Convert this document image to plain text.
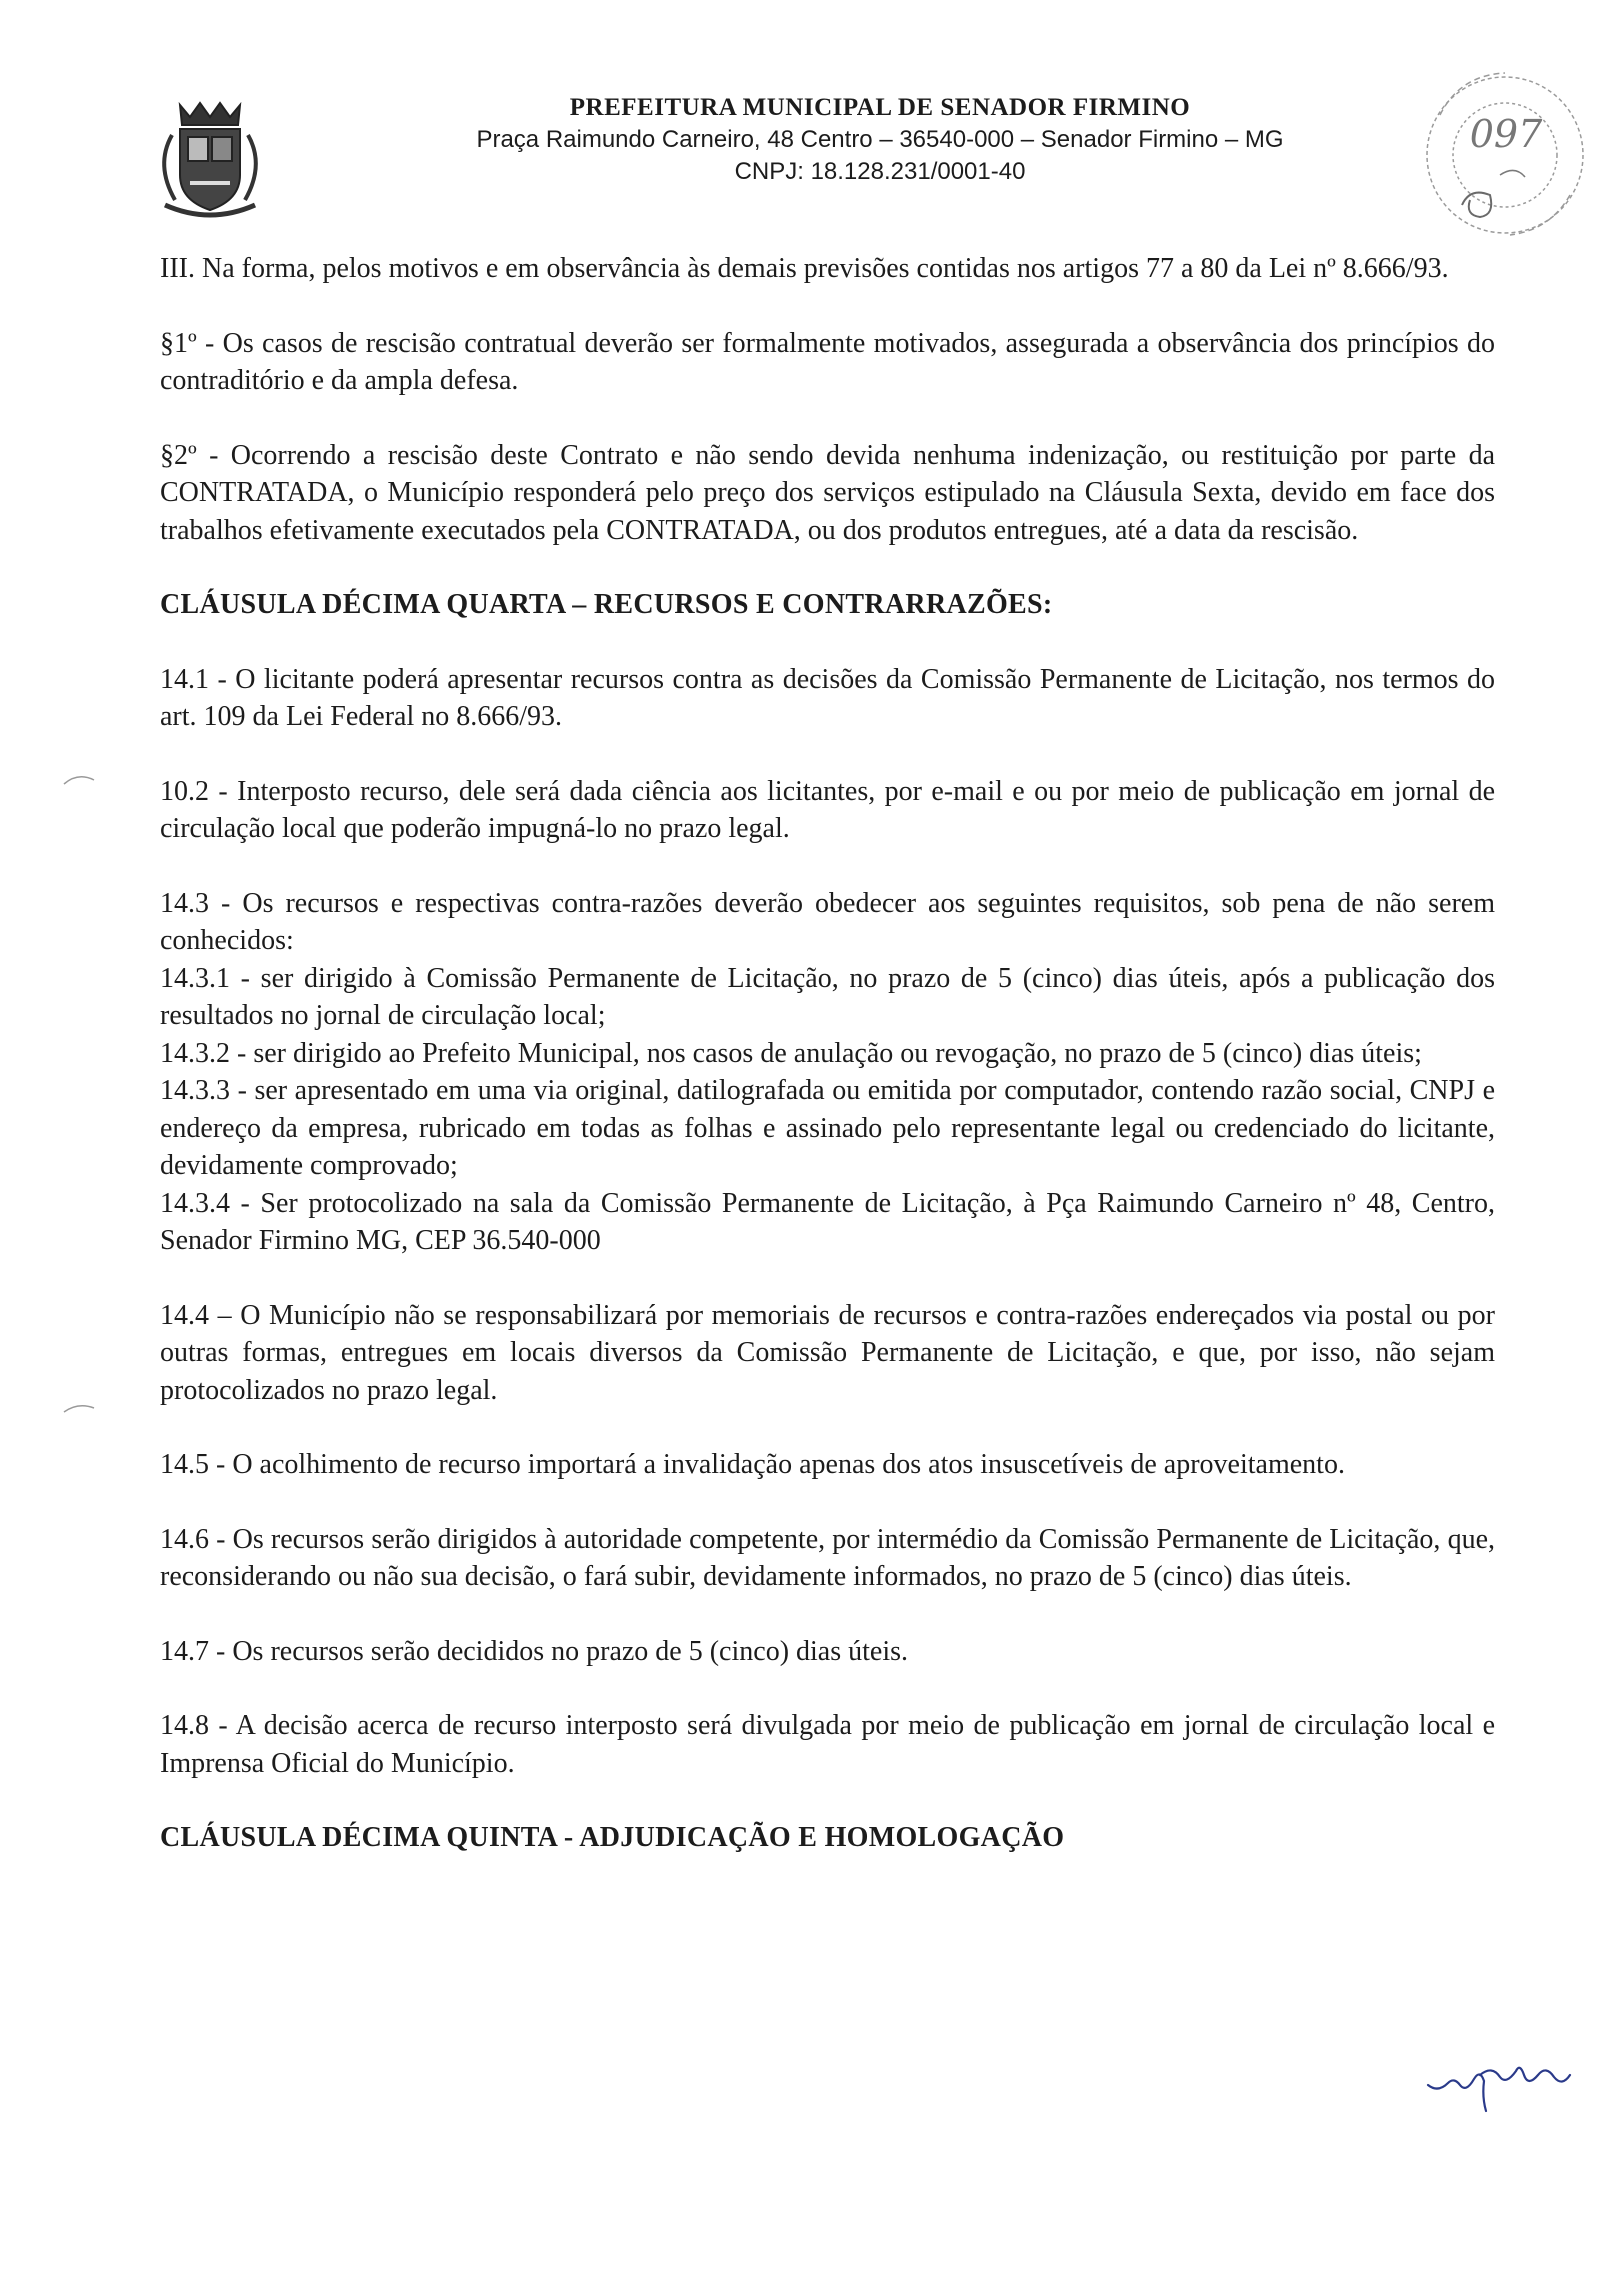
PREFEITURA MUNICIPAL DE SENADOR FIRMINO
Praça Raimundo Carneiro, 48 Centro – 36540-000 – Senador Firmino – MG
CNPJ: 18.128.231/0001-40
097

III. Na forma, pelos motivos e em observância às demais previsões contidas nos artigos 77 a 80 da Lei nº 8.666/93.

§1º - Os casos de rescisão contratual deverão ser formalmente motivados, assegurada a observância dos princípios do contraditório e da ampla defesa.

§2º - Ocorrendo a rescisão deste Contrato e não sendo devida nenhuma indenização, ou restituição por parte da CONTRATADA, o Município responderá pelo preço dos serviços estipulado na Cláusula Sexta, devido em face dos trabalhos efetivamente executados pela CONTRATADA, ou dos produtos entregues, até a data da rescisão.

CLÁUSULA DÉCIMA QUARTA – RECURSOS E CONTRARRAZÕES:

14.1 - O licitante poderá apresentar recursos contra as decisões da Comissão Permanente de Licitação, nos termos do art. 109 da Lei Federal no 8.666/93.

10.2 - Interposto recurso, dele será dada ciência aos licitantes, por e-mail e ou por meio de publicação em jornal de circulação local que poderão impugná-lo no prazo legal.

14.3 - Os recursos e respectivas contra-razões deverão obedecer aos seguintes requisitos, sob pena de não serem conhecidos:

14.3.1 - ser dirigido à Comissão Permanente de Licitação, no prazo de 5 (cinco) dias úteis, após a publicação dos resultados no jornal de circulação local;

14.3.2 - ser dirigido ao Prefeito Municipal, nos casos de anulação ou revogação, no prazo de 5 (cinco) dias úteis;

14.3.3 - ser apresentado em uma via original, datilografada ou emitida por computador, contendo razão social, CNPJ e endereço da empresa, rubricado em todas as folhas e assinado pelo representante legal ou credenciado do licitante, devidamente comprovado;

14.3.4 - Ser protocolizado na sala da Comissão Permanente de Licitação, à Pça Raimundo Carneiro nº 48, Centro, Senador Firmino MG, CEP 36.540-000

14.4 – O Município não se responsabilizará por memoriais de recursos e contra-razões endereçados via postal ou por outras formas, entregues em locais diversos da Comissão Permanente de Licitação, e que, por isso, não sejam protocolizados no prazo legal.

14.5 - O acolhimento de recurso importará a invalidação apenas dos atos insuscetíveis de aproveitamento.

14.6 - Os recursos serão dirigidos à autoridade competente, por intermédio da Comissão Permanente de Licitação, que, reconsiderando ou não sua decisão, o fará subir, devidamente informados, no prazo de 5 (cinco) dias úteis.

14.7 - Os recursos serão decididos no prazo de 5 (cinco) dias úteis.

14.8 - A decisão acerca de recurso interposto será divulgada por meio de publicação em jornal de circulação local e Imprensa Oficial do Município.

CLÁUSULA DÉCIMA QUINTA - ADJUDICAÇÃO E HOMOLOGAÇÃO
